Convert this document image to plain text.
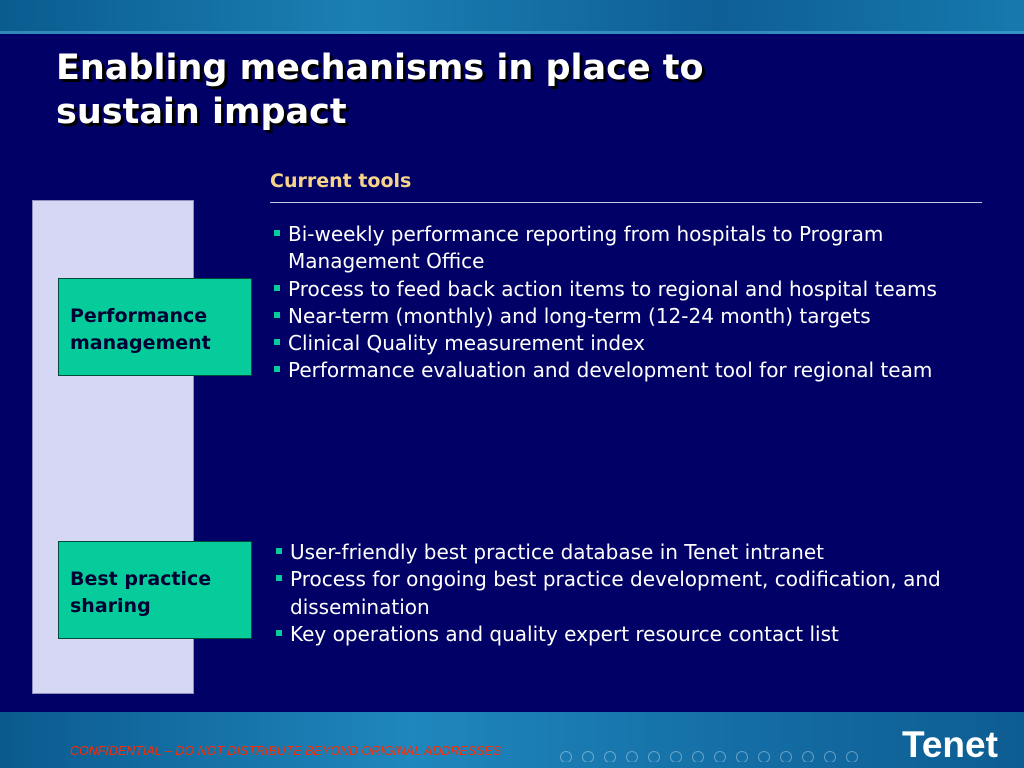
Enabling mechanisms in place to sustain impact
Current tools
Performance management
Best practice sharing
Bi-weekly performance reporting from hospitals to Program Management Office
Process to feed back action items to regional and hospital teams
Near-term (monthly) and long-term (12-24 month) targets
Clinical Quality measurement index
Performance evaluation and development tool for regional team
User-friendly best practice database in Tenet intranet
Process for ongoing best practice development, codification, and dissemination
Key operations and quality expert resource contact list
CONFIDENTIAL – DO NOT DISTRIBUTE BEYOND ORIGINAL ADDRESSES	Tenet
